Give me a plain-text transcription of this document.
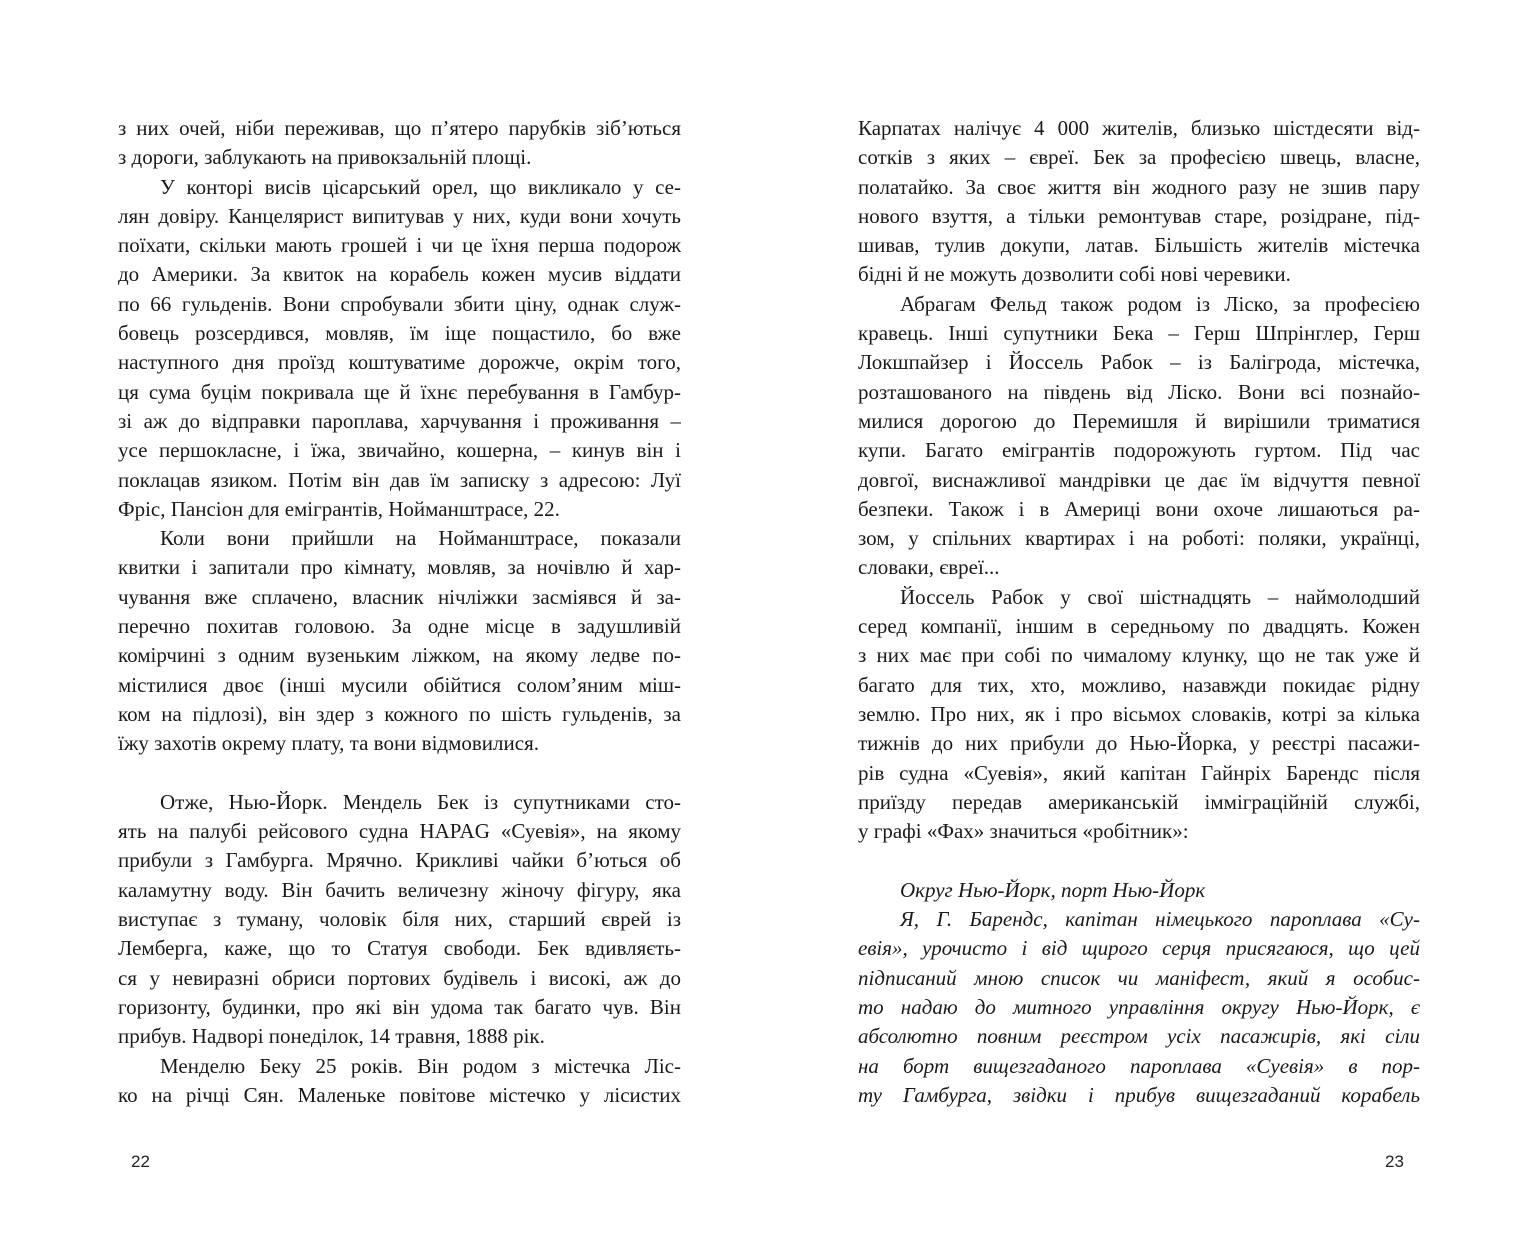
з них очей, ніби переживав, що п’ятеро парубків зіб’ються
з дороги, заблукають на привокзальній площі.
У конторі висів цісарський орел, що викликало у се-
лян довіру. Канцелярист випитував у них, куди вони хочуть
поїхати, скільки мають грошей і чи це їхня перша подорож
до Америки. За квиток на корабель кожен мусив віддати
по 66 гульденів. Вони спробували збити ціну, однак служ-
бовець розсердився, мовляв, їм іще пощастило, бо вже
наступного дня проїзд коштуватиме дорожче, окрім того,
ця сума буцім покривала ще й їхнє перебування в Гамбур-
зі аж до відправки пароплава, харчування і проживання –
усе першокласне, і їжа, звичайно, кошерна, – кинув він і
поклацав язиком. Потім він дав їм записку з адресою: Луї
Фріс, Пансіон для емігрантів, Нойманштрасе, 22.
Коли вони прийшли на Нойманштрасе, показали
квитки і запитали про кімнату, мовляв, за ночівлю й хар-
чування вже сплачено, власник нічліжки засміявся й за-
перечно похитав головою. За одне місце в задушливій
комірчині з одним вузеньким ліжком, на якому ледве по-
містилися двоє (інші мусили обійтися солом’яним міш-
ком на підлозі), він здер з кожного по шість гульденів, за
їжу захотів окрему плату, та вони відмовилися.
Отже, Нью-Йорк. Мендель Бек із супутниками сто-
ять на палубі рейсового судна HAPAG «Суевія», на якому
прибули з Гамбурга. Мрячно. Крикливі чайки б’ються об
каламутну воду. Він бачить величезну жіночу фігуру, яка
виступає з туману, чоловік біля них, старший єврей із
Лемберга, каже, що то Статуя свободи. Бек вдивляєть-
ся у невиразні обриси портових будівель і високі, аж до
горизонту, будинки, про які він удома так багато чув. Він
прибув. Надворі понеділок, 14 травня, 1888 рік.
Менделю Беку 25 років. Він родом з містечка Ліс-
ко на річці Сян. Маленьке повітове містечко у лісистих
22
Карпатах налічує 4 000 жителів, близько шістдесяти від-
сотків з яких – євреї. Бек за професією швець, власне,
полатайко. За своє життя він жодного разу не зшив пару
нового взуття, а тільки ремонтував старе, розідране, під-
шивав, тулив докупи, латав. Більшість жителів містечка
бідні й не можуть дозволити собі нові черевики.
Абрагам Фельд також родом із Ліско, за професією
кравець. Інші супутники Бека – Герш Шпрінглер, Герш
Локшпайзер і Йоссель Рабок – із Балігрода, містечка,
розташованого на південь від Ліско. Вони всі познайо-
милися дорогою до Перемишля й вирішили триматися
купи. Багато емігрантів подорожують гуртом. Під час
довгої, виснажливої мандрівки це дає їм відчуття певної
безпеки. Також і в Америці вони охоче лишаються ра-
зом, у спільних квартирах і на роботі: поляки, українці,
словаки, євреї...
Йоссель Рабок у свої шістнадцять – наймолодший
серед компанії, іншим в середньому по двадцять. Кожен
з них має при собі по чималому клунку, що не так уже й
багато для тих, хто, можливо, назавжди покидає рідну
землю. Про них, як і про вісьмох словаків, котрі за кілька
тижнів до них прибули до Нью-Йорка, у реєстрі пасажи-
рів судна «Суевія», який капітан Гайнріх Барендс після
приїзду передав американській імміграційній службі,
у графі «Фах» значиться «робітник»:
Округ Нью-Йорк, порт Нью-Йорк
Я, Г. Барендс, капітан німецького пароплава «Су-
евія», урочисто і від щирого серця присягаюся, що цей
підписаний мною список чи маніфест, який я особис-
то надаю до митного управління округу Нью-Йорк, є
абсолютно повним реєстром усіх пасажирів, які сіли
на борт вищезгаданого пароплава «Суевія» в пор-
ту Гамбурга, звідки і прибув вищезгаданий корабель
23
